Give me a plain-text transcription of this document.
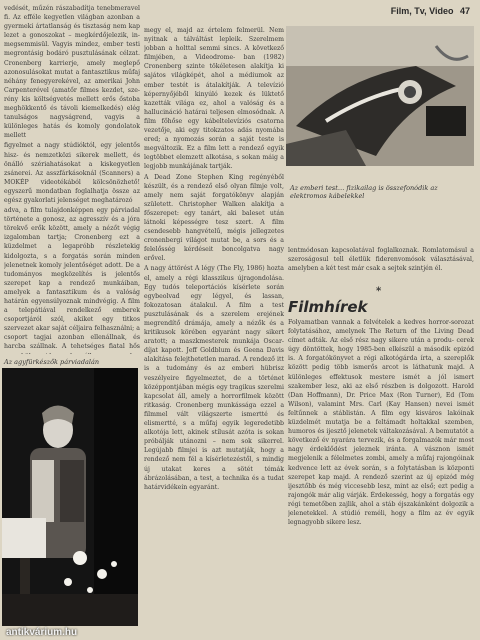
Film, Tv, Video 47

vedését, műzén rászabadítja tenebmeravel fi. Az efféle kegyetlen világban azonban a gyermeki ártatlanság és tisztaság nem kap lezet a gonoszokat – megkérdőjelezik, in- megsemmisül. Vagyis mindez, ember testi megrontásig bodáró pusztulásának célzat. Cronenberg karrierje, amely meglepő azonosulásokat mutat a fantasztikus műfaj néhány fenegyerekével, az amerikai John Carpenterével (amatőr filmes kezdet, sze- rény kis költségvetés mellett erős őstoba meghökkentő és távoli kiemelkedés) elég tanulságos nagyságrend, vagyis a különleges hatás és komoly gondolatok mellett

figyelmet a nagy stúdióktól, egy jelentős hisz- és nemzetközi sikerek mellett, és önálló szériahatásokat a kiskegyetlen zsánerei. Az asszfárkásoknál (Scanners) a MOKÉP videotékából kölcsönözhető! egyszerű mondatban foglalhatja össze az egész gyakorlati jelenséget meghatározó

adva, a film tulajdonképpen egy párviadal története a gonosz, az agresszív és a jóra törekvő erők között, amely a nézőt végig izgalomban tartja; Cronenberg ezt a küzdelmet a legapróbb részletekig kidolgozta, s a forgatás során minden jelenetnek komoly jelentőséget adott. De a tudományos megközelítés is jelentős szerepet kap a rendező munkáiban, amelyek a fantasztikum és a valóság határán egyensúlyoznak mindvégig. A film a telepátiával rendelkező emberek csoportjáról szól, akiket egy titkos szervezet akar saját céljaira felhasználni; a csoport tagjai azonban ellenállnak, és harcba szállnak. A tehetséges fiatal hős

Az agyfürkészők párviadalán

megy el, majd az értelem felmerül. Nem nyitnak a tálváltást lepleik. Szerelmem jobban a holttal semmi sincs. A következő filmjében, a Videodrome- ban (1982) Cronenberg szinte tökéletesen alakítja ki sajátos világképét, ahol a médiumok az ember testét is átalakítják. A televízió képernyőjéből kinyúló kezek és lüktető kazetták világa ez, ahol a valóság és a hallucináció határai teljesen elmosódnak. A film főhőse egy kábeltelevíziós csatorna vezetője, aki egy titokzatos adás nyomába ered; a nyomozás során a saját teste is megváltozik. Ez a film lett a rendező egyik legtöbbet elemzett alkotása, s sokan máig a legjobb munkájának tartják.

A Dead Zone Stephen King regényéből készült, és a rendező első olyan filmje volt, amely nem saját forgatókönyv alapján született. Christopher Walken alakítja a főszerepet: egy tanárt, aki baleset után látnoki képességre tesz szert. A film csendesebb hangvételű, mégis jellegzetes cronenbergi világot mutat be, a sors és a felelősség kérdéseit boncolgatva nagy erővel.

A nagy áttörést A légy (The Fly, 1986) hozta el, amely a régi klasszikus újragondolása. Egy tudós teleportációs kísérlete során egybeolvad egy légyel, és lassan, fokozatosan átalakul. A film a test pusztulásának és a szerelem erejének megrendítő drámája, amely a nézők és a kritikusok körében egyaránt nagy sikert aratott; a maszkmesterek munkája Oscar-díjat kapott. Jeff Goldblum és Geena Davis alakítása felejthetetlen marad. A rendező itt is a tudomány és az emberi hübrisz veszélyeire figyelmeztet, de a történet középpontjában mégis egy tragikus szerelmi kapcsolat áll, amely a horrorfilmek között ritkaság. Cronenberg munkássága ezzel a filmmel vált világszerte ismertté és elismertté, s a műfaj egyik legeredetibb alkotója lett, akinek stílusát azóta is sokan próbálják utánozni – nem sok sikerrel. Legújabb filmjei is azt mutatják, hogy a rendező nem fél a kísérletezéstől, s mindig új utakat keres a sötét témák ábrázolásában, a test, a technika és a tudat határvidékein egyaránt.

Az emberi test… fizikailag is összefonódik az elektromos kábelekkel

lentmódosan kapcsolatával foglalkoznak. Romlatomásul a szeroságosul tell életlük fiderenvomósok választásával, amelyben a két test már csak a sejtek szintjén él.

*
Filmhírek

Folyamatban vannak a felvételek a kedves horror-sorozat folytatásához, amelynek The Return of the Living Dead címet adták. Az első rész nagy sikere után a produ- cerek úgy döntöttek, hogy 1985-ben elkészül a második epizód is. A forgatókönyvet a régi alkotógárda írta, a szereplők között pedig több ismerős arcot is láthatunk majd. A különleges effektusok mestere ismét a jól ismert szakember lesz, aki az első részben is dolgozott. Harold (Dan Hoffmann), Dr. Price Max (Ron Turner), Ed (Tom Wilson), valamint Mrs. Carl (Kay Hansen) nevei ismét feltűnnek a stáblistán. A film egy kisváros lakóinak küzdelmét mutatja be a feltámadt holtakkal szemben, humoros és ijesztő jelenetek váltakozásával. A bemutatót a következő év nyarára tervezik, és a forgalmazók már most nagy érdeklődést jeleznek iránta. A vásznon ismét megjelenik a félelmetes zombi, amely a műfaj rajongóinak kedvence lett az évek során, s a folytatásban is központi szerepet kap majd. A rendező szerint az új epizód még ijesztőbb és még viccesebb lesz, mint az első; ezt pedig a rajongók már alig várják. Érdekesség, hogy a forgatás egy régi temetőben zajlik, ahol a stáb éjszakánként dolgozik a jelenetekkel. A stúdió reméli, hogy a film az év egyik legnagyobb sikere lesz.

antikvárium.hu
